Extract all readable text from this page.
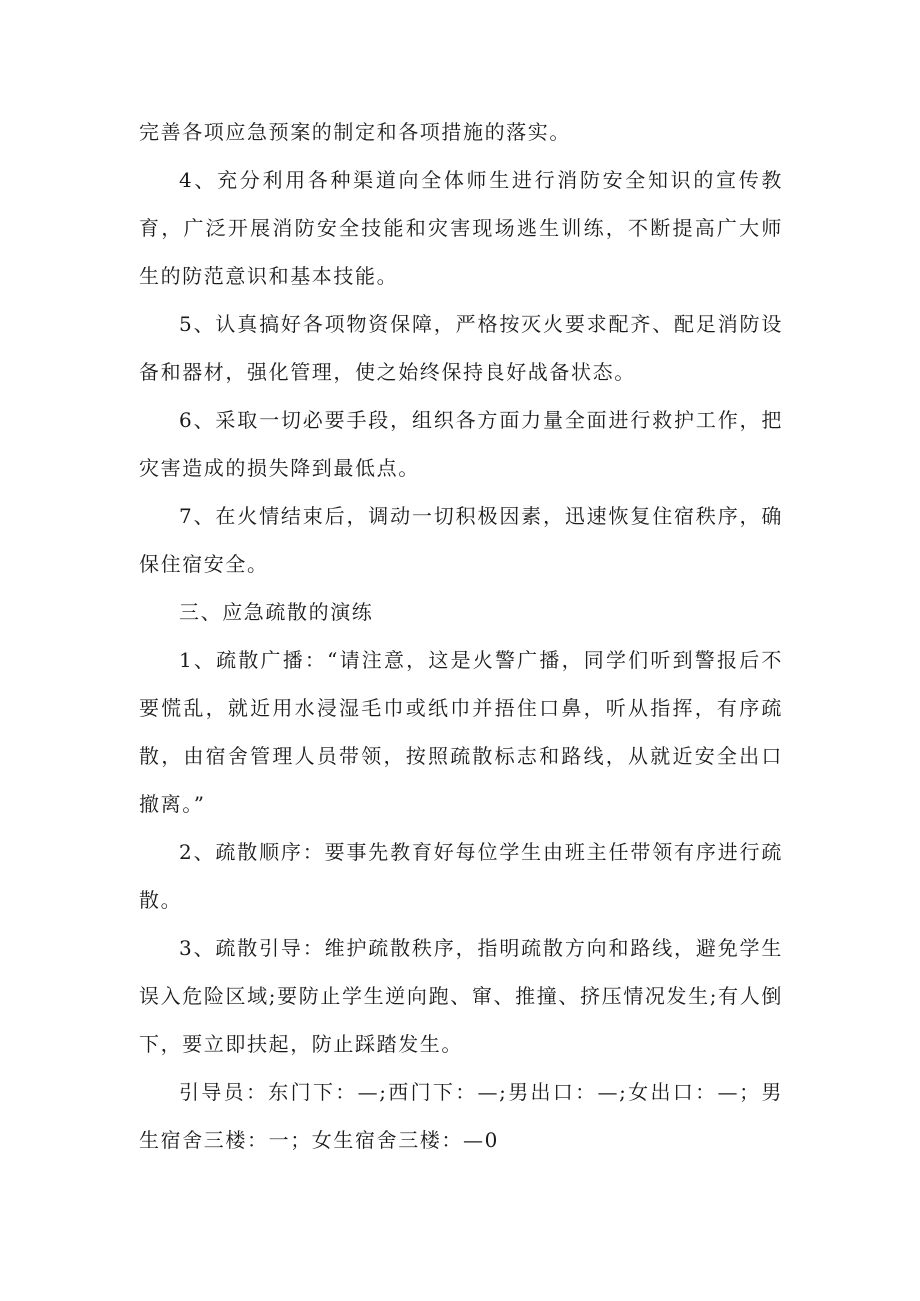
完善各项应急预案的制定和各项措施的落实。

4、充分利用各种渠道向全体师生进行消防安全知识的宣传教育，广泛开展消防安全技能和灾害现场逃生训练，不断提高广大师生的防范意识和基本技能。

5、认真搞好各项物资保障，严格按灭火要求配齐、配足消防设备和器材，强化管理，使之始终保持良好战备状态。

6、采取一切必要手段，组织各方面力量全面进行救护工作，把灾害造成的损失降到最低点。

7、在火情结束后，调动一切积极因素，迅速恢复住宿秩序，确保住宿安全。

三、应急疏散的演练

1、疏散广播：“请注意，这是火警广播，同学们听到警报后不要慌乱，就近用水浸湿毛巾或纸巾并捂住口鼻，听从指挥，有序疏散，由宿舍管理人员带领，按照疏散标志和路线，从就近安全出口撤离。”

2、疏散顺序：要事先教育好每位学生由班主任带领有序进行疏散。

3、疏散引导：维护疏散秩序，指明疏散方向和路线，避免学生误入危险区域;要防止学生逆向跑、窜、推撞、挤压情况发生;有人倒下，要立即扶起，防止踩踏发生。

引导员：东门下：—;西门下：—;男出口：—;女出口：—；男生宿舍三楼：一；女生宿舍三楼：—0
